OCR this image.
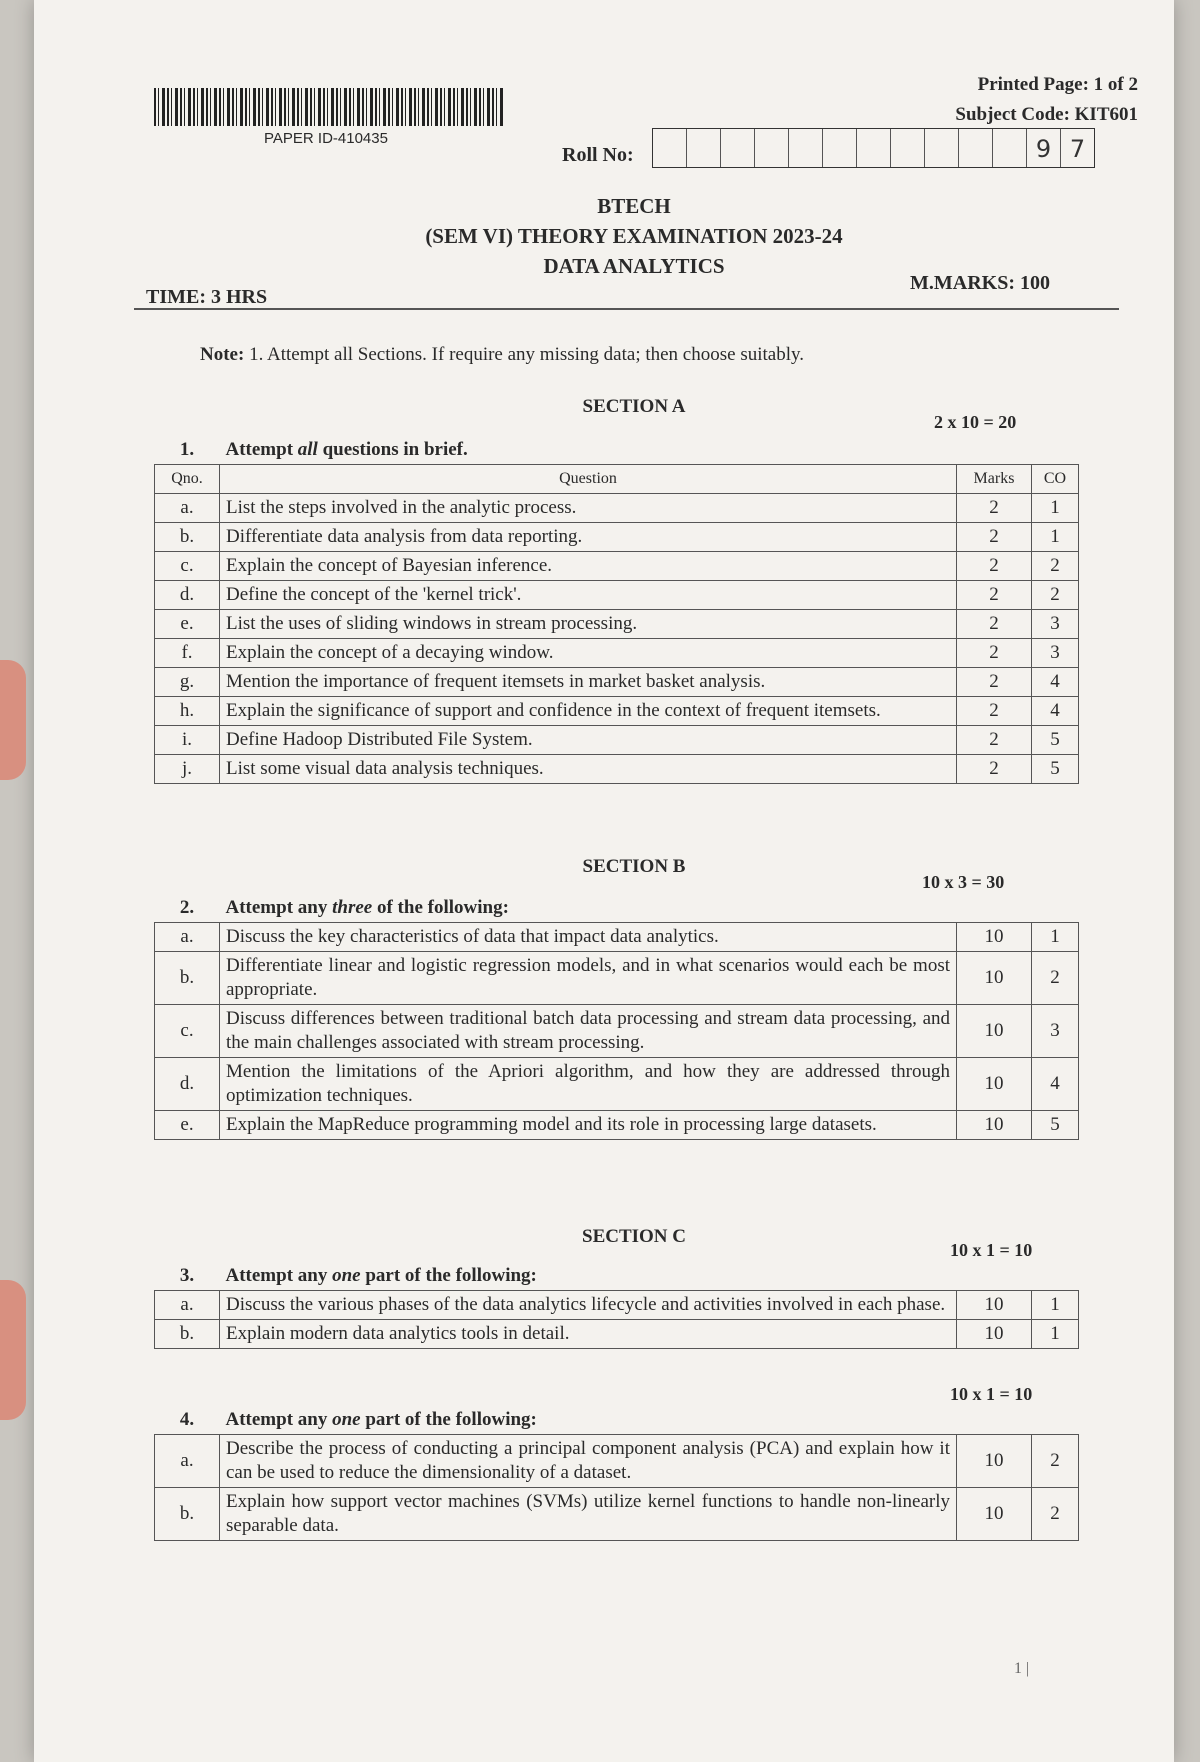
PAPER ID-410435
Printed Page: 1 of 2
Subject Code: KIT601
Roll No:	9 7
BTECH
(SEM VI) THEORY EXAMINATION 2023-24
DATA ANALYTICS
TIME: 3 HRS
M.MARKS: 100
Note: 1. Attempt all Sections. If require any missing data; then choose suitably.
SECTION A
2 x 10 = 20
1.	Attempt all questions in brief.		
Qno.	Question	Marks	CO
a.	List the steps involved in the analytic process.	2	1
b.	Differentiate data analysis from data reporting.	2	1
c.	Explain the concept of Bayesian inference.	2	2
d.	Define the concept of the 'kernel trick'.	2	2
e.	List the uses of sliding windows in stream processing.	2	3
f.	Explain the concept of a decaying window.	2	3
g.	Mention the importance of frequent itemsets in market basket analysis.	2	4
h.	Explain the significance of support and confidence in the context of frequent itemsets.	2	4
i.	Define Hadoop Distributed File System.	2	5
j.	List some visual data analysis techniques.	2	5
SECTION B
10 x 3 = 30
2.	Attempt any three of the following:		
a.	Discuss the key characteristics of data that impact data analytics.	10	1
b.	Differentiate linear and logistic regression models, and in what scenarios would each be most appropriate.	10	2
c.	Discuss differences between traditional batch data processing and stream data processing, and the main challenges associated with stream processing.	10	3
d.	Mention the limitations of the Apriori algorithm, and how they are addressed through optimization techniques.	10	4
e.	Explain the MapReduce programming model and its role in processing large datasets.	10	5
SECTION C
10 x 1 = 10
3.	Attempt any one part of the following:		
a.	Discuss the various phases of the data analytics lifecycle and activities involved in each phase.	10	1
b.	Explain modern data analytics tools in detail.	10	1
10 x 1 = 10
4.	Attempt any one part of the following:		
a.	Describe the process of conducting a principal component analysis (PCA) and explain how it can be used to reduce the dimensionality of a dataset.	10	2
b.	Explain how support vector machines (SVMs) utilize kernel functions to handle non-linearly separable data.	10	2
1 |
